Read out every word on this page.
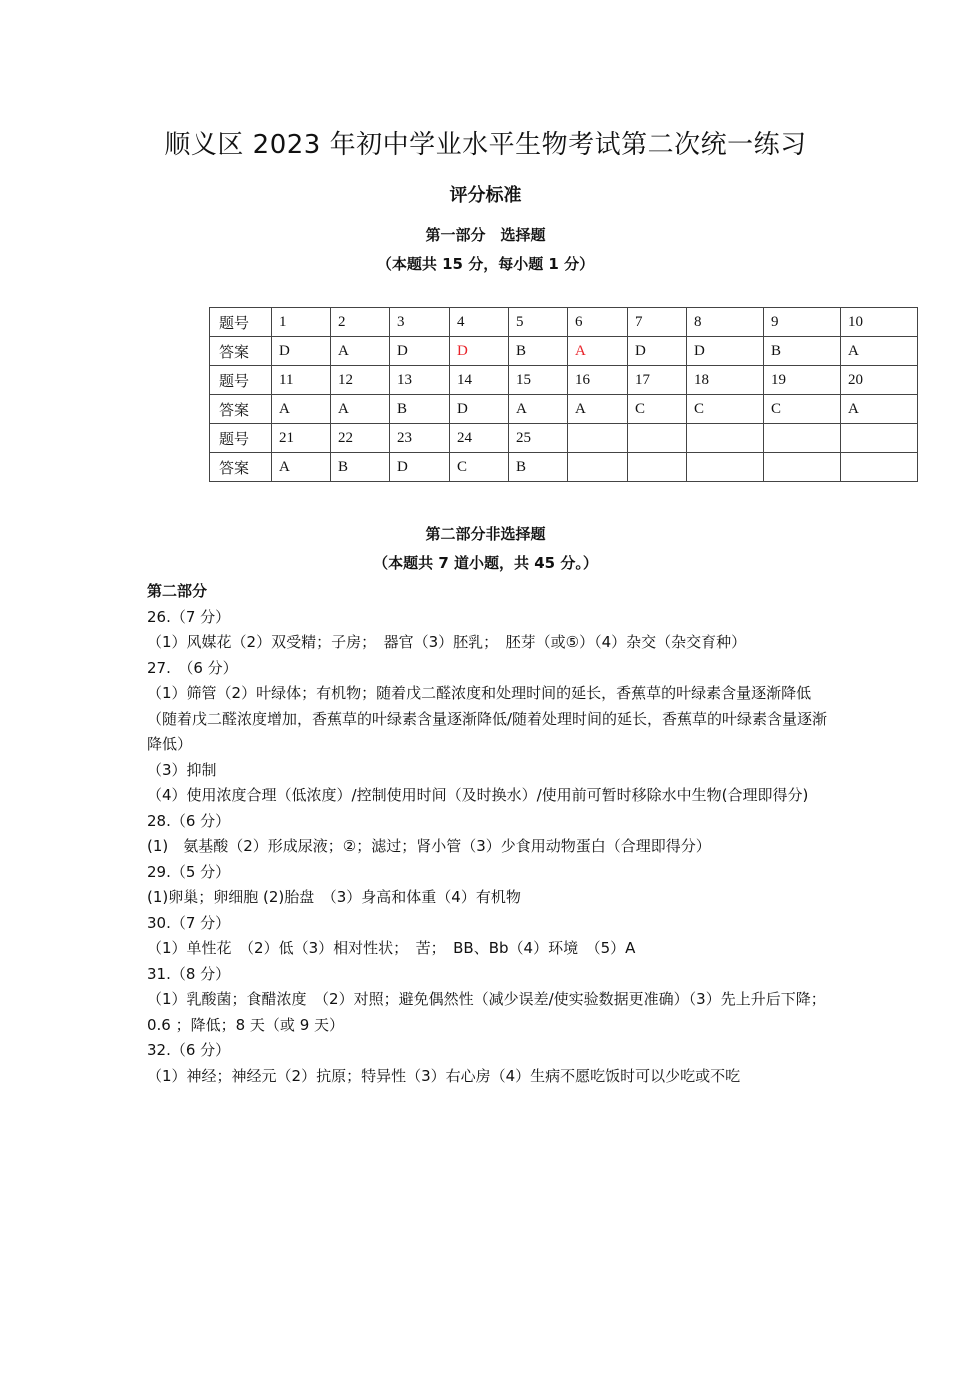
顺义区 2023 年初中学业水平生物考试第二次统一练习
评分标准
第一部分　选择题
（本题共 15 分，每小题 1 分）
题号	1	2	3	4	5	6	7	8	9	10
答案	D	A	D	D	B	A	D	D	B	A
题号	11	12	13	14	15	16	17	18	19	20
答案	A	A	B	D	A	A	C	C	C	A
题号	21	22	23	24	25					
答案	A	B	D	C	B					
第二部分非选择题
（本题共 7 道小题，共 45 分。）
第二部分
26.（7 分）
（1）风媒花（2）双受精；子房；　器官（3）胚乳；　胚芽（或⑤）（4）杂交（杂交育种）
27.　（6 分）
（1）筛管（2）叶绿体；有机物；随着戊二醛浓度和处理时间的延长，香蕉草的叶绿素含量逐渐降低（随着戊二醛浓度增加，香蕉草的叶绿素含量逐渐降低/随着处理时间的延长，香蕉草的叶绿素含量逐渐降低）
（3）抑制
（4）使用浓度合理（低浓度）/控制使用时间（及时换水）/使用前可暂时移除水中生物(合理即得分)
28.（6 分）
(1)　氨基酸（2）形成尿液；②；滤过；肾小管（3）少食用动物蛋白（合理即得分）
29.（5 分）
(1)卵巢；卵细胞 (2)胎盘　（3）身高和体重（4）有机物
30.（7 分）
（1）单性花　（2）低（3）相对性状；　苦；　BB、Bb（4）环境　（5）A
31.（8 分）
（1）乳酸菌；食醋浓度　（2）对照；避免偶然性（减少误差/使实验数据更准确）（3）先上升后下降；0.6 ；降低；8 天（或 9 天）
32.（6 分）
（1）神经；神经元（2）抗原；特异性（3）右心房（4）生病不愿吃饭时可以少吃或不吃
